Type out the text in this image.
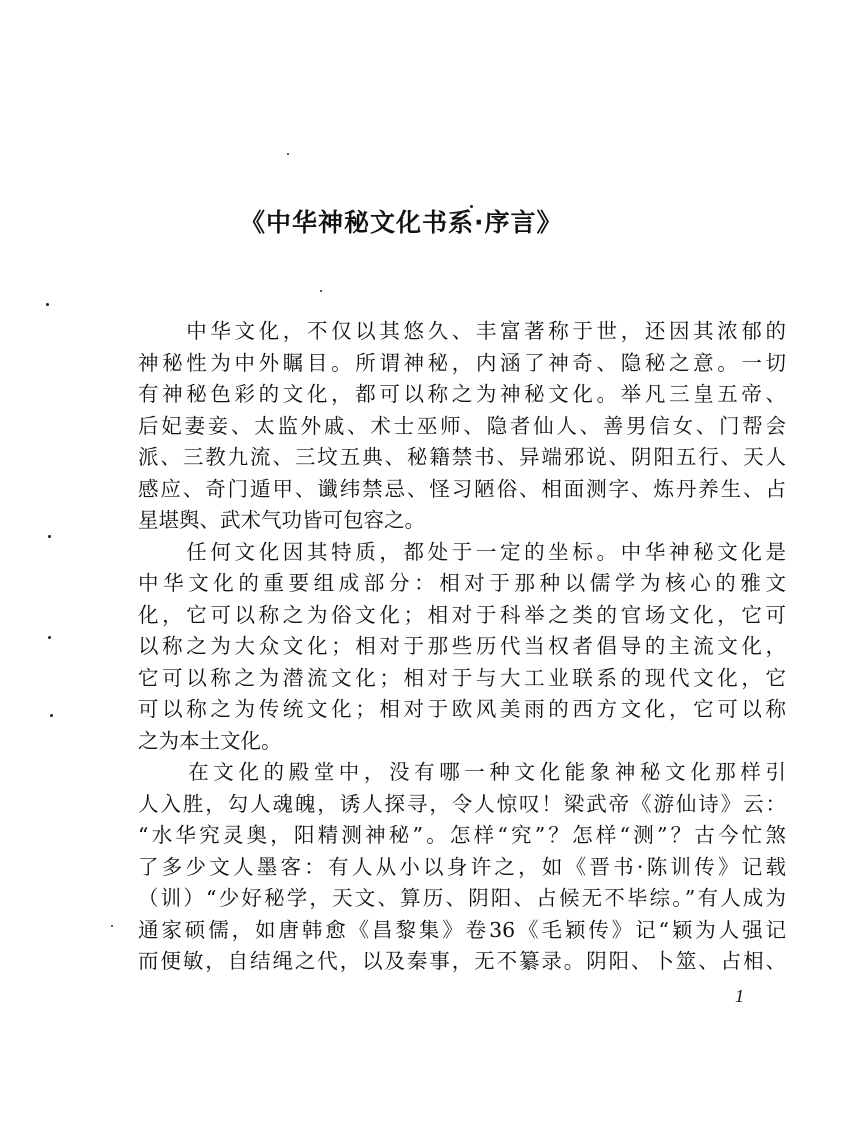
《中华神秘文化书系·序言》
　　中华文化，不仅以其悠久、丰富著称于世，还因其浓郁的
神秘性为中外瞩目。所谓神秘，内涵了神奇、隐秘之意。一切
有神秘色彩的文化，都可以称之为神秘文化。举凡三皇五帝、
后妃妻妾、太监外戚、术士巫师、隐者仙人、善男信女、门帮会
派、三教九流、三坟五典、秘籍禁书、异端邪说、阴阳五行、天人
感应、奇门遁甲、谶纬禁忌、怪习陋俗、相面测字、炼丹养生、占
星堪舆、武术气功皆可包容之。
　　任何文化因其特质，都处于一定的坐标。中华神秘文化是
中华文化的重要组成部分：相对于那种以儒学为核心的雅文
化，它可以称之为俗文化；相对于科举之类的官场文化，它可
以称之为大众文化；相对于那些历代当权者倡导的主流文化，
它可以称之为潜流文化；相对于与大工业联系的现代文化，它
可以称之为传统文化；相对于欧风美雨的西方文化，它可以称
之为本土文化。
　　在文化的殿堂中，没有哪一种文化能象神秘文化那样引
人入胜，勾人魂魄，诱人探寻，令人惊叹！梁武帝《游仙诗》云：
“水华究灵奥，阳精测神秘”。怎样“究”？怎样“测”？古今忙煞
了多少文人墨客：有人从小以身许之，如《晋书·陈训传》记载
（训）“少好秘学，天文、算历、阴阳、占候无不毕综。”有人成为
通家硕儒，如唐韩愈《昌黎集》卷36《毛颖传》记“颖为人强记
而便敏，自结绳之代，以及秦事，无不纂录。阴阳、卜筮、占相、
1
